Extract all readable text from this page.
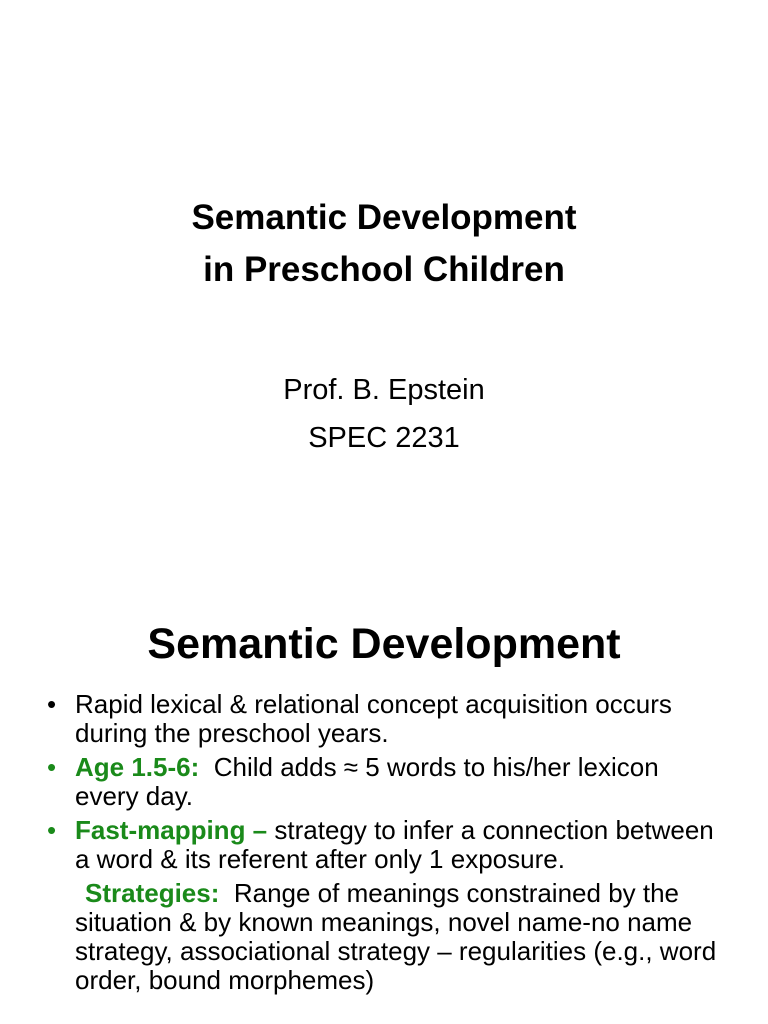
Semantic Development
in Preschool Children
Prof. B. Epstein
SPEC 2231
Semantic Development
• Rapid lexical & relational concept acquisition occurs during the preschool years.
• Age 1.5-6: Child adds ≈ 5 words to his/her lexicon every day.
• Fast-mapping – strategy to infer a connection between a word & its referent after only 1 exposure.
Strategies: Range of meanings constrained by the situation & by known meanings, novel name-no name strategy, associational strategy – regularities (e.g., word order, bound morphemes)
